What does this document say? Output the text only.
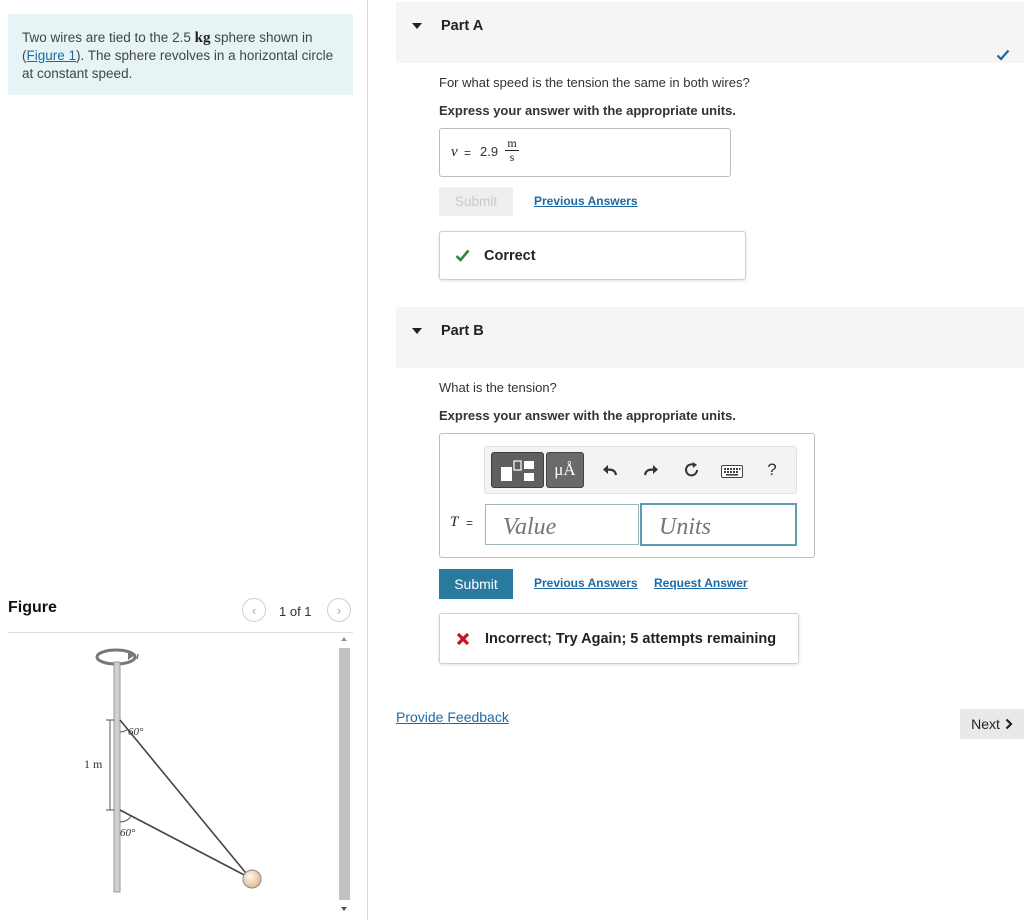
Two wires are tied to the 2.5 kg sphere shown in (Figure 1). The sphere revolves in a horizontal circle at constant speed.
Figure	‹ 1 of 1 ›
1 m
60°
60°
Part A
For what speed is the tension the same in both wires?
Express your answer with the appropriate units.
$v = 2.9 \frac{m}{s}$
Submit	Previous Answers
Correct
Part B
What is the tension?
Express your answer with the appropriate units.
μÅ	?
T =
Value
Units
Submit	Previous Answers Request Answer
Incorrect; Try Again; 5 attempts remaining
Provide Feedback	Next
